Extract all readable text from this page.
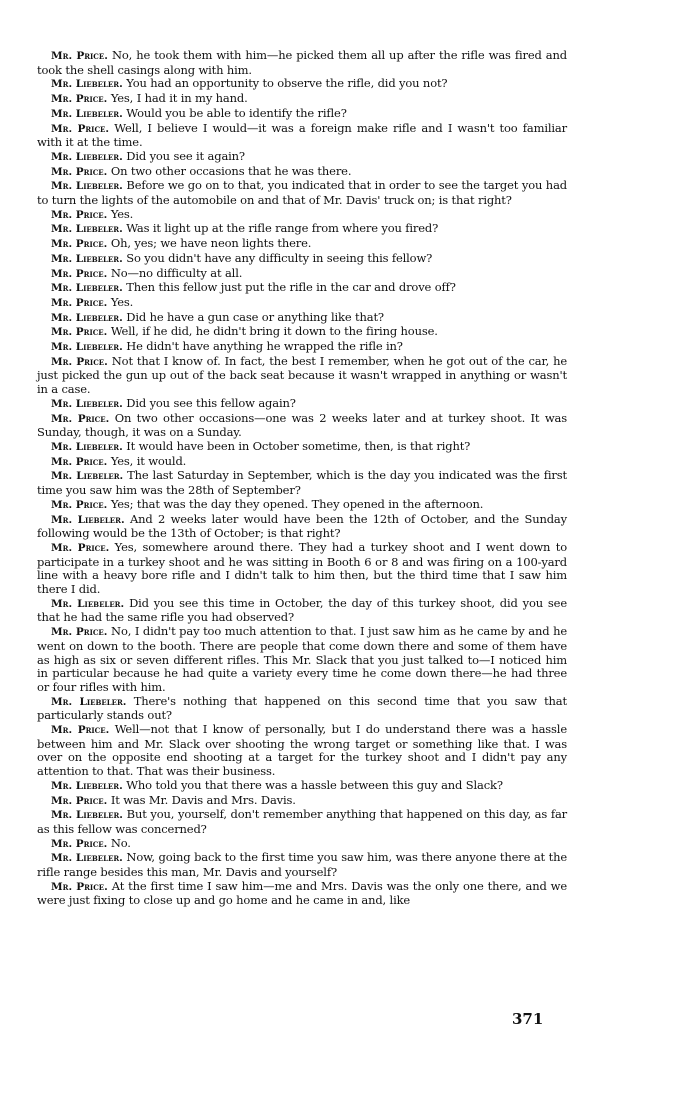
Mr. Price. No, he took them with him—he picked them all up after the rifle was fired and took the shell casings along with him.

Mr. Liebeler. You had an opportunity to observe the rifle, did you not?

Mr. Price. Yes, I had it in my hand.

Mr. Liebeler. Would you be able to identify the rifle?

Mr. Price. Well, I believe I would—it was a foreign make rifle and I wasn't too familiar with it at the time.

Mr. Liebeler. Did you see it again?

Mr. Price. On two other occasions that he was there.

Mr. Liebeler. Before we go on to that, you indicated that in order to see the target you had to turn the lights of the automobile on and that of Mr. Davis' truck on; is that right?

Mr. Price. Yes.

Mr. Liebeler. Was it light up at the rifle range from where you fired?

Mr. Price. Oh, yes; we have neon lights there.

Mr. Liebeler. So you didn't have any difficulty in seeing this fellow?

Mr. Price. No—no difficulty at all.

Mr. Liebeler. Then this fellow just put the rifle in the car and drove off?

Mr. Price. Yes.

Mr. Liebeler. Did he have a gun case or anything like that?

Mr. Price. Well, if he did, he didn't bring it down to the firing house.

Mr. Liebeler. He didn't have anything he wrapped the rifle in?

Mr. Price. Not that I know of. In fact, the best I remember, when he got out of the car, he just picked the gun up out of the back seat because it wasn't wrapped in anything or wasn't in a case.

Mr. Liebeler. Did you see this fellow again?

Mr. Price. On two other occasions—one was 2 weeks later and at turkey shoot. It was Sunday, though, it was on a Sunday.

Mr. Liebeler. It would have been in October sometime, then, is that right?

Mr. Price. Yes, it would.

Mr. Liebeler. The last Saturday in September, which is the day you indicated was the first time you saw him was the 28th of September?

Mr. Price. Yes; that was the day they opened. They opened in the afternoon.

Mr. Liebeler. And 2 weeks later would have been the 12th of October, and the Sunday following would be the 13th of October; is that right?

Mr. Price. Yes, somewhere around there. They had a turkey shoot and I went down to participate in a turkey shoot and he was sitting in Booth 6 or 8 and was firing on a 100-yard line with a heavy bore rifle and I didn't talk to him then, but the third time that I saw him there I did.

Mr. Liebeler. Did you see this time in October, the day of this turkey shoot, did you see that he had the same rifle you had observed?

Mr. Price. No, I didn't pay too much attention to that. I just saw him as he came by and he went on down to the booth. There are people that come down there and some of them have as high as six or seven different rifles. This Mr. Slack that you just talked to—I noticed him in particular because he had quite a variety every time he come down there—he had three or four rifles with him.

Mr. Liebeler. There's nothing that happened on this second time that you saw that particularly stands out?

Mr. Price. Well—not that I know of personally, but I do understand there was a hassle between him and Mr. Slack over shooting the wrong target or something like that. I was over on the opposite end shooting at a target for the turkey shoot and I didn't pay any attention to that. That was their business.

Mr. Liebeler. Who told you that there was a hassle between this guy and Slack?

Mr. Price. It was Mr. Davis and Mrs. Davis.

Mr. Liebeler. But you, yourself, don't remember anything that happened on this day, as far as this fellow was concerned?

Mr. Price. No.

Mr. Liebeler. Now, going back to the first time you saw him, was there anyone there at the rifle range besides this man, Mr. Davis and yourself?

Mr. Price. At the first time I saw him—me and Mrs. Davis was the only one there, and we were just fixing to close up and go home and he came in and, like

371
